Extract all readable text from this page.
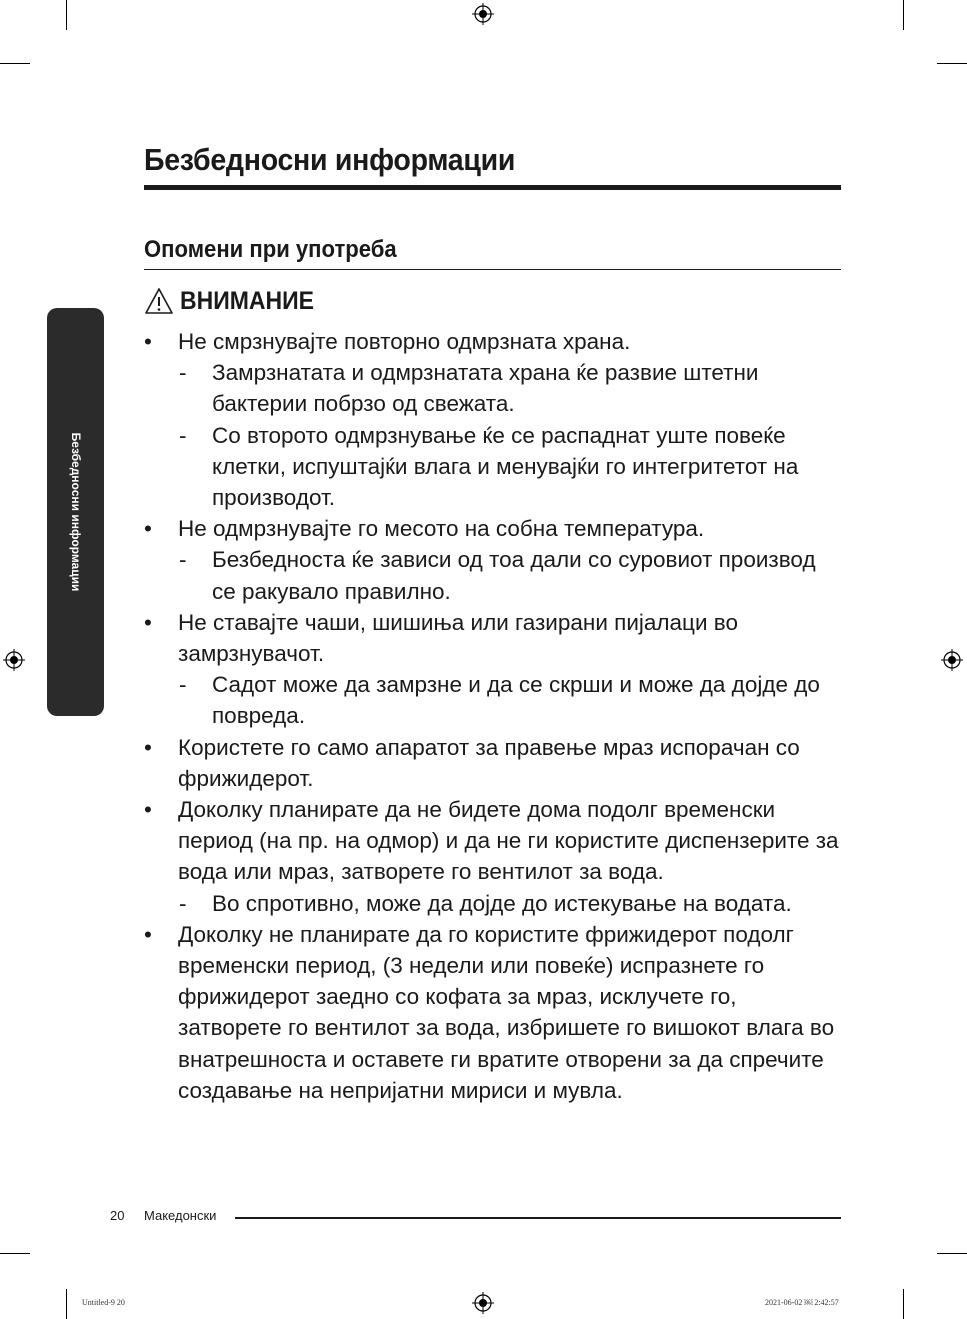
Безбедносни информации
Безбедносни информации
Опомени при употреба
ВНИМАНИЕ
• Не смрзнувајте повторно одмрзната храна.
- Замрзнатата и одмрзнатата храна ќе развие штетни бактерии побрзо од свежата.
- Со второто одмрзнување ќе се распаднат уште повеќе клетки, испуштајќи влага и менувајќи го интегритетот на производот.
• Не одмрзнувајте го месото на собна температура.
- Безбедноста ќе зависи од тоа дали со суровиот производ се ракувало правилно.
• Не ставајте чаши, шишиња или газирани пијалаци во замрзнувачот.
- Садот може да замрзне и да се скрши и може да дојде до повреда.
• Користете го само апаратот за правење мраз испорачан со фрижидерот.
• Доколку планирате да не бидете дома подолг временски период (на пр. на одмор) и да не ги користите диспензерите за вода или мраз, затворете го вентилот за вода.
- Во спротивно, може да дојде до истекување на водата.
• Доколку не планирате да го користите фрижидерот подолг временски период, (3 недели или повеќе) испразнете го фрижидерот заедно со кофата за мраз, исклучете го, затворете го вентилот за вода, избришете го вишокот влага во внатрешноста и оставете ги вратите отворени за да спречите создавање на непријатни мириси и мувла.
20 Македонски
Untitled-9 20	2021-06-02 ￼ 2:42:57
